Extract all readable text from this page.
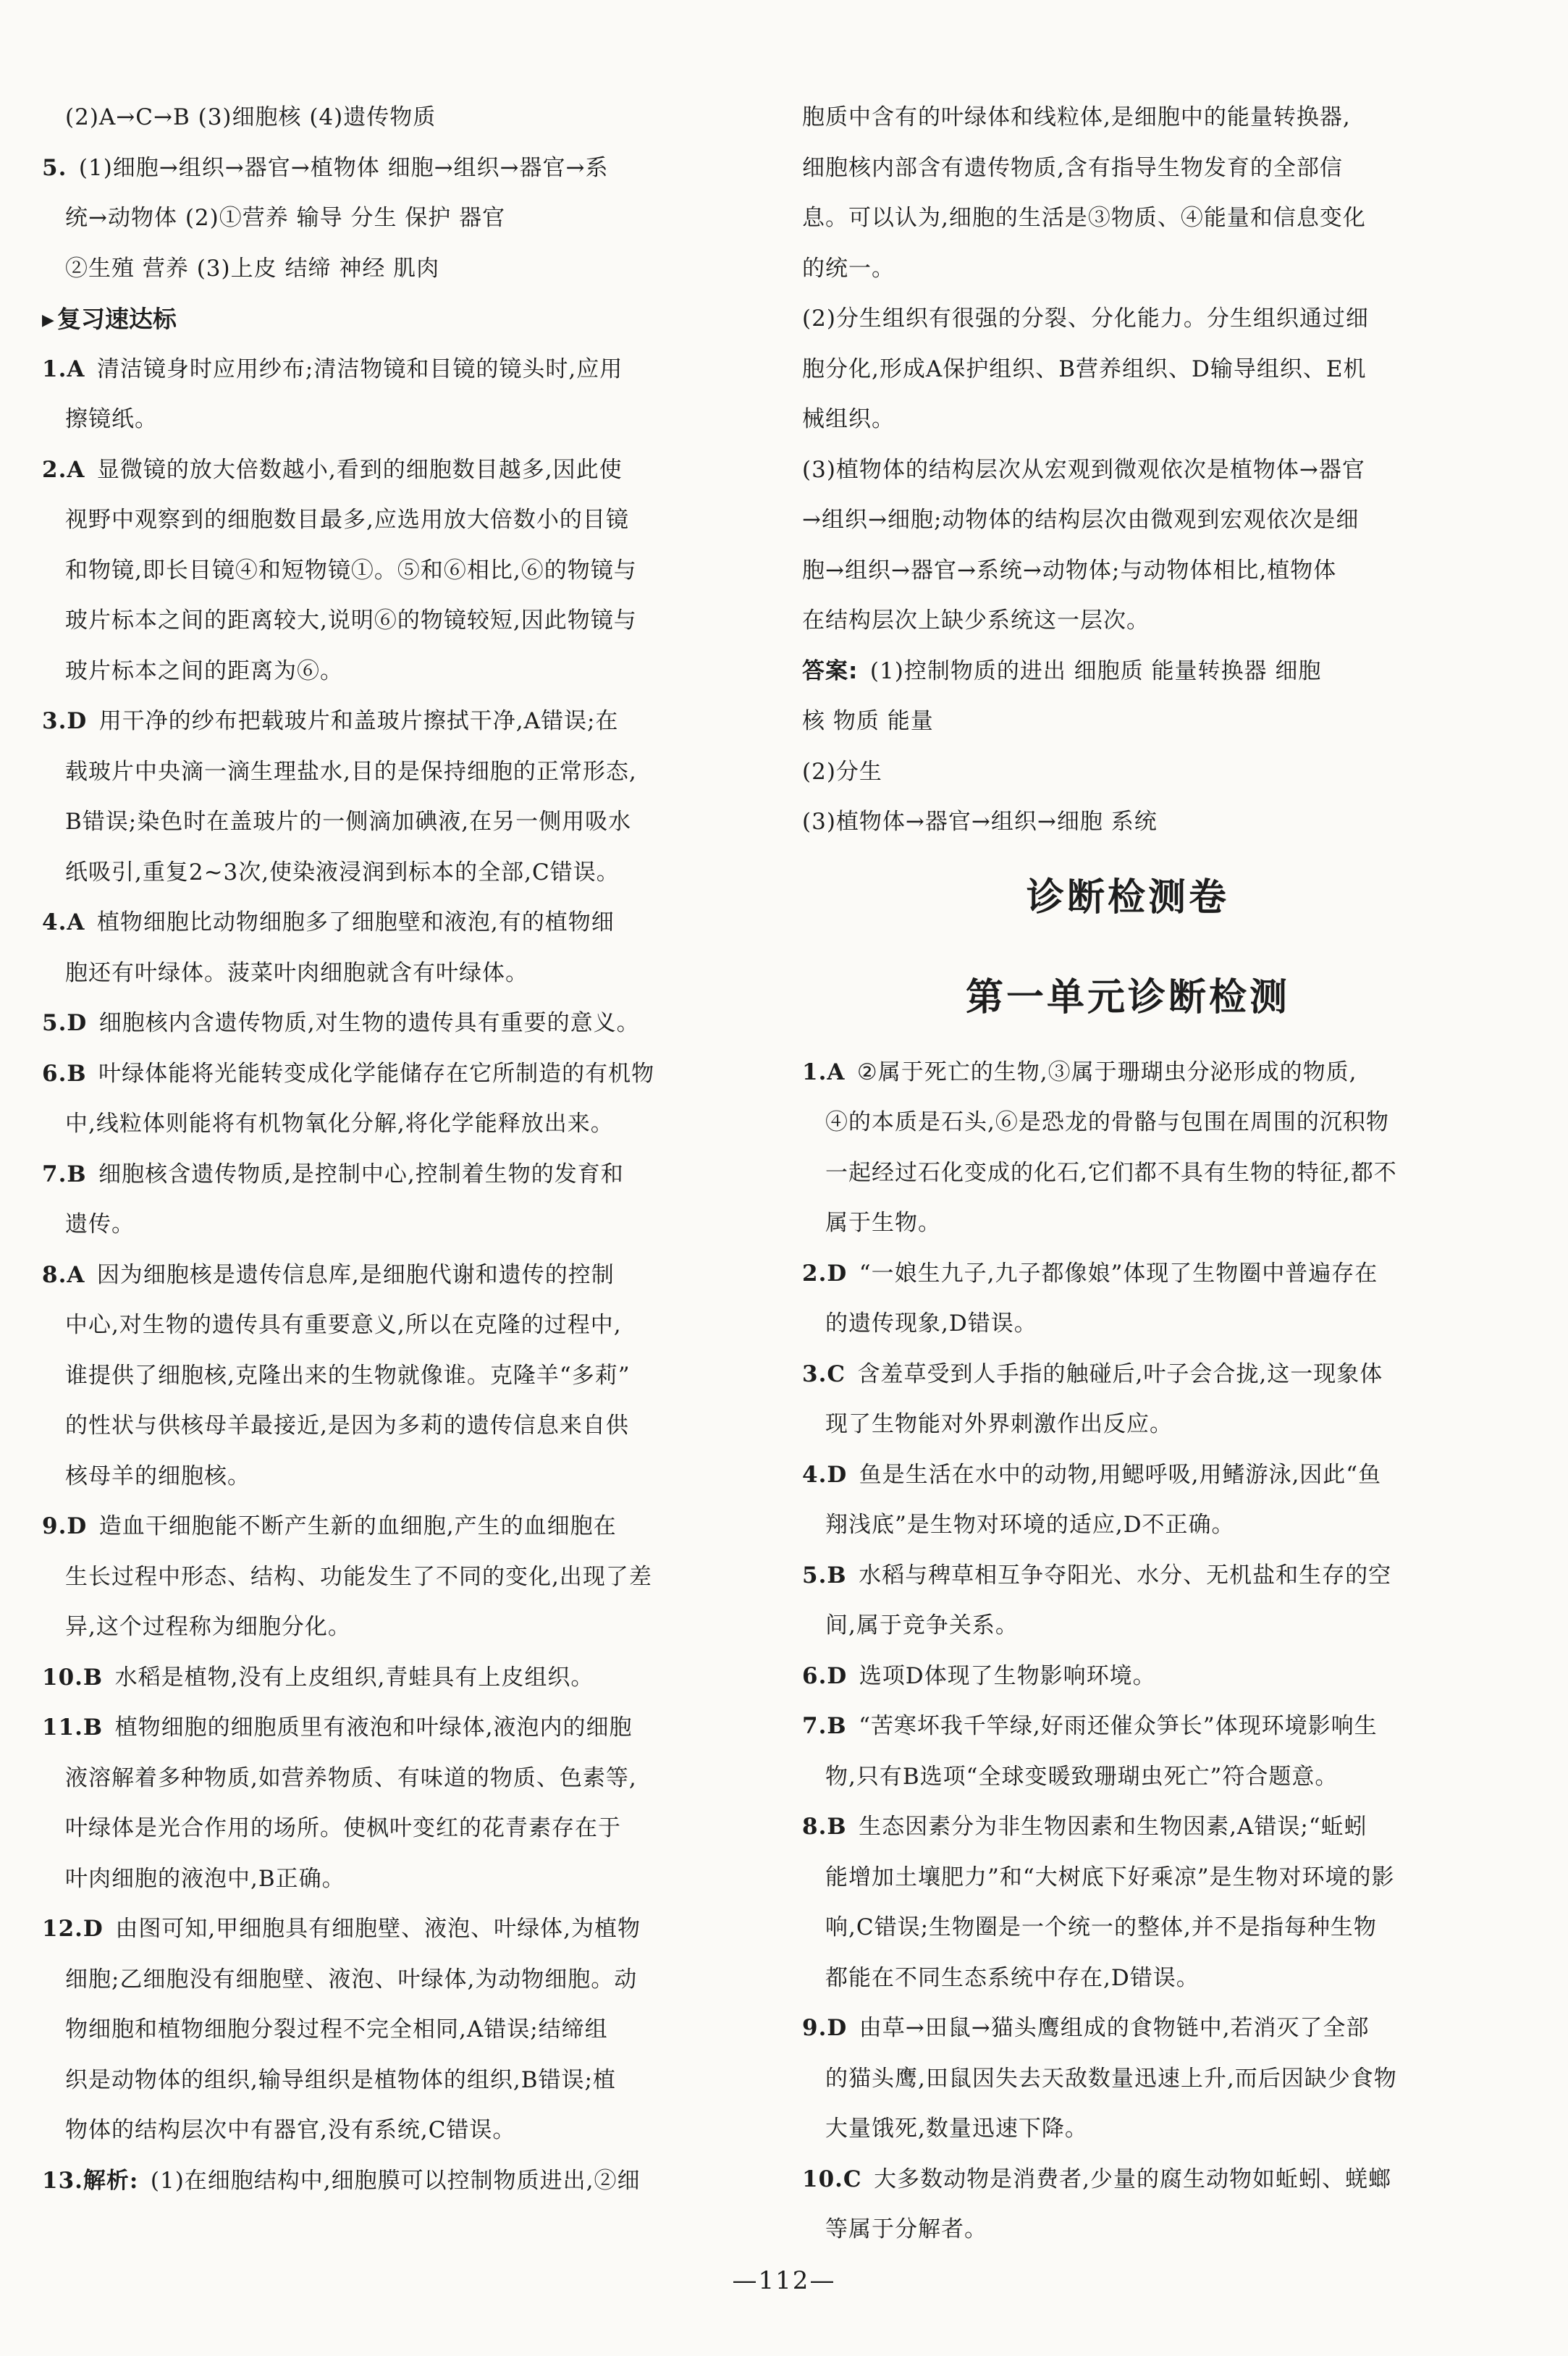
(2)A→C→B (3)细胞核 (4)遗传物质
5.  (1)细胞→组织→器官→植物体 细胞→组织→器官→系
统→动物体 (2)①营养 输导 分生 保护 器官
②生殖 营养 (3)上皮 结缔 神经 肌肉
▶ 复习速达标
1.A  清洁镜身时应用纱布;清洁物镜和目镜的镜头时,应用
擦镜纸。
2.A  显微镜的放大倍数越小,看到的细胞数目越多,因此使
视野中观察到的细胞数目最多,应选用放大倍数小的目镜
和物镜,即长目镜④和短物镜①。⑤和⑥相比,⑥的物镜与
玻片标本之间的距离较大,说明⑥的物镜较短,因此物镜与
玻片标本之间的距离为⑥。
3.D  用干净的纱布把载玻片和盖玻片擦拭干净,A错误;在
载玻片中央滴一滴生理盐水,目的是保持细胞的正常形态,
B错误;染色时在盖玻片的一侧滴加碘液,在另一侧用吸水
纸吸引,重复2~3次,使染液浸润到标本的全部,C错误。
4.A  植物细胞比动物细胞多了细胞壁和液泡,有的植物细
胞还有叶绿体。菠菜叶肉细胞就含有叶绿体。
5.D  细胞核内含遗传物质,对生物的遗传具有重要的意义。
6.B  叶绿体能将光能转变成化学能储存在它所制造的有机物
中,线粒体则能将有机物氧化分解,将化学能释放出来。
7.B  细胞核含遗传物质,是控制中心,控制着生物的发育和
遗传。
8.A  因为细胞核是遗传信息库,是细胞代谢和遗传的控制
中心,对生物的遗传具有重要意义,所以在克隆的过程中,
谁提供了细胞核,克隆出来的生物就像谁。克隆羊“多莉”
的性状与供核母羊最接近,是因为多莉的遗传信息来自供
核母羊的细胞核。
9.D  造血干细胞能不断产生新的血细胞,产生的血细胞在
生长过程中形态、结构、功能发生了不同的变化,出现了差
异,这个过程称为细胞分化。
10.B  水稻是植物,没有上皮组织,青蛙具有上皮组织。
11.B  植物细胞的细胞质里有液泡和叶绿体,液泡内的细胞
液溶解着多种物质,如营养物质、有味道的物质、色素等,
叶绿体是光合作用的场所。使枫叶变红的花青素存在于
叶肉细胞的液泡中,B正确。
12.D  由图可知,甲细胞具有细胞壁、液泡、叶绿体,为植物
细胞;乙细胞没有细胞壁、液泡、叶绿体,为动物细胞。动
物细胞和植物细胞分裂过程不完全相同,A错误;结缔组
织是动物体的组织,输导组织是植物体的组织,B错误;植
物体的结构层次中有器官,没有系统,C错误。
13.解析:  (1)在细胞结构中,细胞膜可以控制物质进出,②细
胞质中含有的叶绿体和线粒体,是细胞中的能量转换器,
细胞核内部含有遗传物质,含有指导生物发育的全部信
息。可以认为,细胞的生活是③物质、④能量和信息变化
的统一。
(2)分生组织有很强的分裂、分化能力。分生组织通过细
胞分化,形成A保护组织、B营养组织、D输导组织、E机
械组织。
(3)植物体的结构层次从宏观到微观依次是植物体→器官
→组织→细胞;动物体的结构层次由微观到宏观依次是细
胞→组织→器官→系统→动物体;与动物体相比,植物体
在结构层次上缺少系统这一层次。
答案:  (1)控制物质的进出 细胞质 能量转换器 细胞
核 物质 能量
(2)分生
(3)植物体→器官→组织→细胞 系统
诊断检测卷
第一单元诊断检测
1.A  ②属于死亡的生物,③属于珊瑚虫分泌形成的物质,
④的本质是石头,⑥是恐龙的骨骼与包围在周围的沉积物
一起经过石化变成的化石,它们都不具有生物的特征,都不
属于生物。
2.D  “一娘生九子,九子都像娘”体现了生物圈中普遍存在
的遗传现象,D错误。
3.C  含羞草受到人手指的触碰后,叶子会合拢,这一现象体
现了生物能对外界刺激作出反应。
4.D  鱼是生活在水中的动物,用鳃呼吸,用鳍游泳,因此“鱼
翔浅底”是生物对环境的适应,D不正确。
5.B  水稻与稗草相互争夺阳光、水分、无机盐和生存的空
间,属于竞争关系。
6.D  选项D体现了生物影响环境。
7.B  “苦寒坏我千竿绿,好雨还催众笋长”体现环境影响生
物,只有B选项“全球变暖致珊瑚虫死亡”符合题意。
8.B  生态因素分为非生物因素和生物因素,A错误;“蚯蚓
能增加土壤肥力”和“大树底下好乘凉”是生物对环境的影
响,C错误;生物圈是一个统一的整体,并不是指每种生物
都能在不同生态系统中存在,D错误。
9.D  由草→田鼠→猫头鹰组成的食物链中,若消灭了全部
的猫头鹰,田鼠因失去天敌数量迅速上升,而后因缺少食物
大量饿死,数量迅速下降。
10.C  大多数动物是消费者,少量的腐生动物如蚯蚓、蜣螂
等属于分解者。
—112—
